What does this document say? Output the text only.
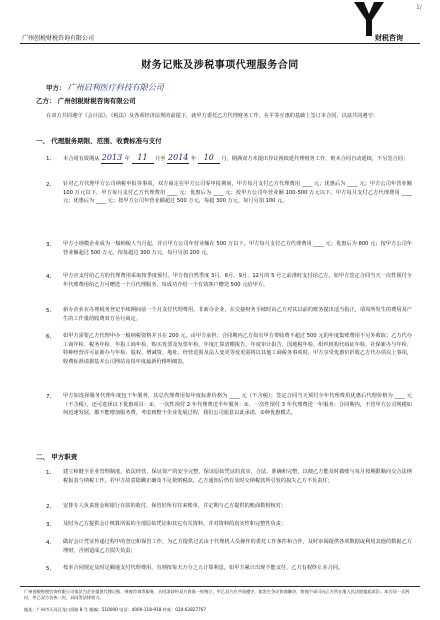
1/
财税咨询
广州创税财税咨询有限公司
财务记账及涉税事项代理服务合同
甲方： 广州启利医疗科技有限公司
乙方： 广州创税财税咨询有限公司
在双方共同遵守《会计法》、《税法》及各项经济法规的前提下，就甲方委托乙方代理财务工作，在平等互惠的基础上签订本合同，以兹共同遵守：
一、 代理服务期限、范围、收费标准与支付
1、 本合同有效期从 2013 年 11 月至 2014 年 10 月，期满双方未提出异议视续延代理财务工作，则本合同自动延续，不另签合同；
2、 针对乙方代理甲方公司纳税申报等事项，双方商定在甲方公司零申报期间，甲方每月支付乙方代理费用 ____ 元；优惠后为 ____ 元；甲方公司年营业额 100 万元以下，甲方每月支付乙方代理费用 ____ 元；优惠后为 ____ 元；按甲方公司年营业额 100-500 万元以下，甲方每月支付乙方代理费用 ____ 元；优惠后为 ____ 元；按甲方公司年营业额超过 500 万元，每超 300 万元，每月另加 100 元。
3、 甲方小规模企业成为一般纳税人当月起，并且甲方公司年营业额在 500 万以下，甲方每月支付乙方代理费用 ____ 元；优惠后为 800 元；按甲方公司年营业额超过 500 万元，按每超过 300 万元，每月另加 200 元。
4、 甲方应支付给乙方的代理费用采取按季度预付。甲方按自然季度 3月、6月、9月、12月的 5 号之前准时支付给乙方。如甲方签定合同当天一次性预付全年代理费用给乙方可赠送一个月代理服务，每成功介绍一个有效客户赠送 500 元给甲方。
5、 新办企业在办理税务登记手续期间前一个月支付代理费用。非新办企业，在交接财务手续时由乙方对其以前的账务提出适当指正，请周所发生的费用及产生的工作量的收费双方另行商定。
6、 如甲方需要乙方代理申办一般纳税资格并且在 200 元，由甲方承担；合同期内乙方如有甲方带收费不超过 500 元的年度集账费用不另外收取；乙方代办工商年检、税务年检、年报工商年检、购买发票及发票年检、年度汇算清缴报告、年度审计报告、国地税年检、组织机构代码证年检、社保新办与年检、特种经营许可证新办与年检、股权、增减资、地址、经营范围及法人变更等变更需将以其他工商税务事项时，甲方享受优惠价折收乙方代办项以上事项，收费标准请据基本公司网站及每年度最新价格明细表。
7、 甲方如选择服务代理年度包干年服务，其总代理费用每年度标准价格为 ____ 元（不含税）；签定合同当天预付全年代理费用优惠后代理价格为 ____ 元（不含税）。还可选择以下优惠项目：①、一次性预付 2 年代理费送半年服务：②、一次性预付 3 年代理费送一年服务：合同期内，不管甲方公司规模如何迅速发展，都不能增加服务费，考虑到整个企业发展过程，我们公司愿意以此承诺，②种优惠模式。
二、 甲方职责
1、 建立和健全企业管理制度，依法经营，保证资产的安全完整，保证原始凭证的真实、合法、准确和完整，以便乙方能及时做账与每月按期限顺向交合法纳税报表与纳税工作，若甲方故意隐瞒正确及不足依则税款，乙方通知后仍有及时交纳税款所引发的损失乙方不负责任；
2、 安排专人负责现金和银行存款的收付，保管好所有往来账单，并定期与乙方提供的账面数相核对；
3、 及时为乙方提供会计核算所需的全部原始凭证和其它有关资料，并对资料的真实性和完整性负责；
4、 做好会计凭证传递过程中的登记和保管工作，为乙方提供过去由于代理机人员操作的委托工作条件和合作，及时审阅提供各项数据或利用其他的数据乙方理财，否则造成乙方损失负责；
5、 按本合同规定及时足额地支付代理费用，有则按每天万分之五计算利息，如甲方累计出现不能支付，乙方有权终止本合同。
广州创税财税咨询有限公司依法为企业提供代理记账、财税咨询等服务，合同条款经双方协商一致签订，甲乙双方应共同遵守，如发生争议协商解决，协商不成可向乙方所在地人民法院提起诉讼。本合同一式两份，甲乙双方各执一份，具同等法律效力。
地址：广州市天河区龙口西路 8 号 邮编：510000 电话：4000-118-918 传真：020-62827767
